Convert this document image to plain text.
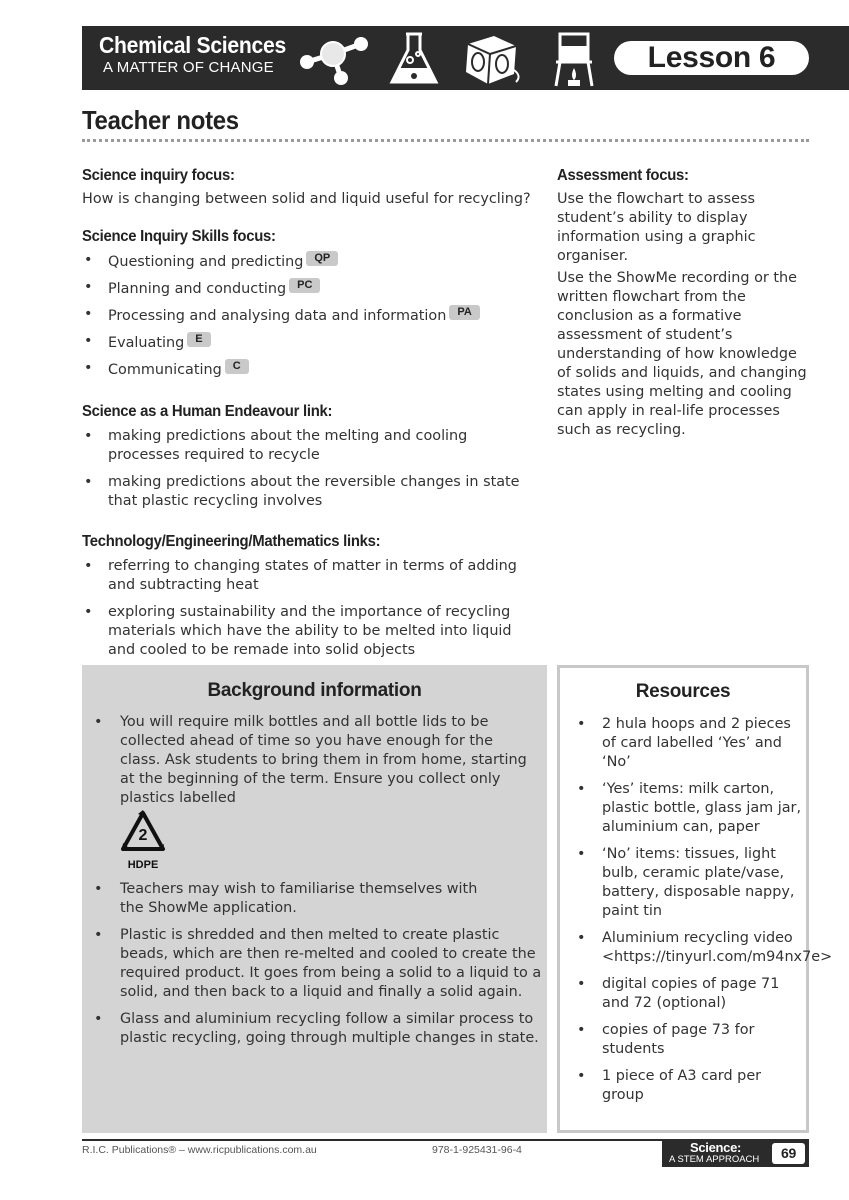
Chemical Sciences
A MATTER OF CHANGE	Lesson 6
Teacher notes
Science inquiry focus:
How is changing between solid and liquid useful for recycling?
Science Inquiry Skills focus:
• Questioning and predicting QP
• Planning and conducting PC
• Processing and analysing data and information PA
• Evaluating E
• Communicating C
Science as a Human Endeavour link:
• making predictions about the melting and cooling processes required to recycle
• making predictions about the reversible changes in state that plastic recycling involves
Technology/Engineering/Mathematics links:
• referring to changing states of matter in terms of adding and subtracting heat
• exploring sustainability and the importance of recycling materials which have the ability to be melted into liquid and cooled to be remade into solid objects
Assessment focus:
Use the flowchart to assess student’s ability to display information using a graphic organiser.
Use the ShowMe recording or the written flowchart from the conclusion as a formative assessment of student’s understanding of how knowledge of solids and liquids, and changing states using melting and cooling can apply in real-life processes such as recycling.
Background information
• You will require milk bottles and all bottle lids to be collected ahead of time so you have enough for the class. Ask students to bring them in from home, starting at the beginning of the term. Ensure you collect only plastics labelled
2
HDPE
• Teachers may wish to familiarise themselves with the ShowMe application.
• Plastic is shredded and then melted to create plastic beads, which are then re-melted and cooled to create the required product. It goes from being a solid to a liquid to a solid, and then back to a liquid and finally a solid again.
• Glass and aluminium recycling follow a similar process to plastic recycling, going through multiple changes in state.
Resources
• 2 hula hoops and 2 pieces of card labelled ‘Yes’ and ‘No’
• ‘Yes’ items: milk carton, plastic bottle, glass jam jar, aluminium can, paper
• ‘No’ items: tissues, light bulb, ceramic plate/vase, battery, disposable nappy, paint tin
• Aluminium recycling video <https://tinyurl.com/m94nx7e>
• digital copies of page 71 and 72 (optional)
• copies of page 73 for students
• 1 piece of A3 card per group
R.I.C. Publications® – www.ricpublications.com.au	978-1-925431-96-4	Science:
A STEM APPROACH	69
